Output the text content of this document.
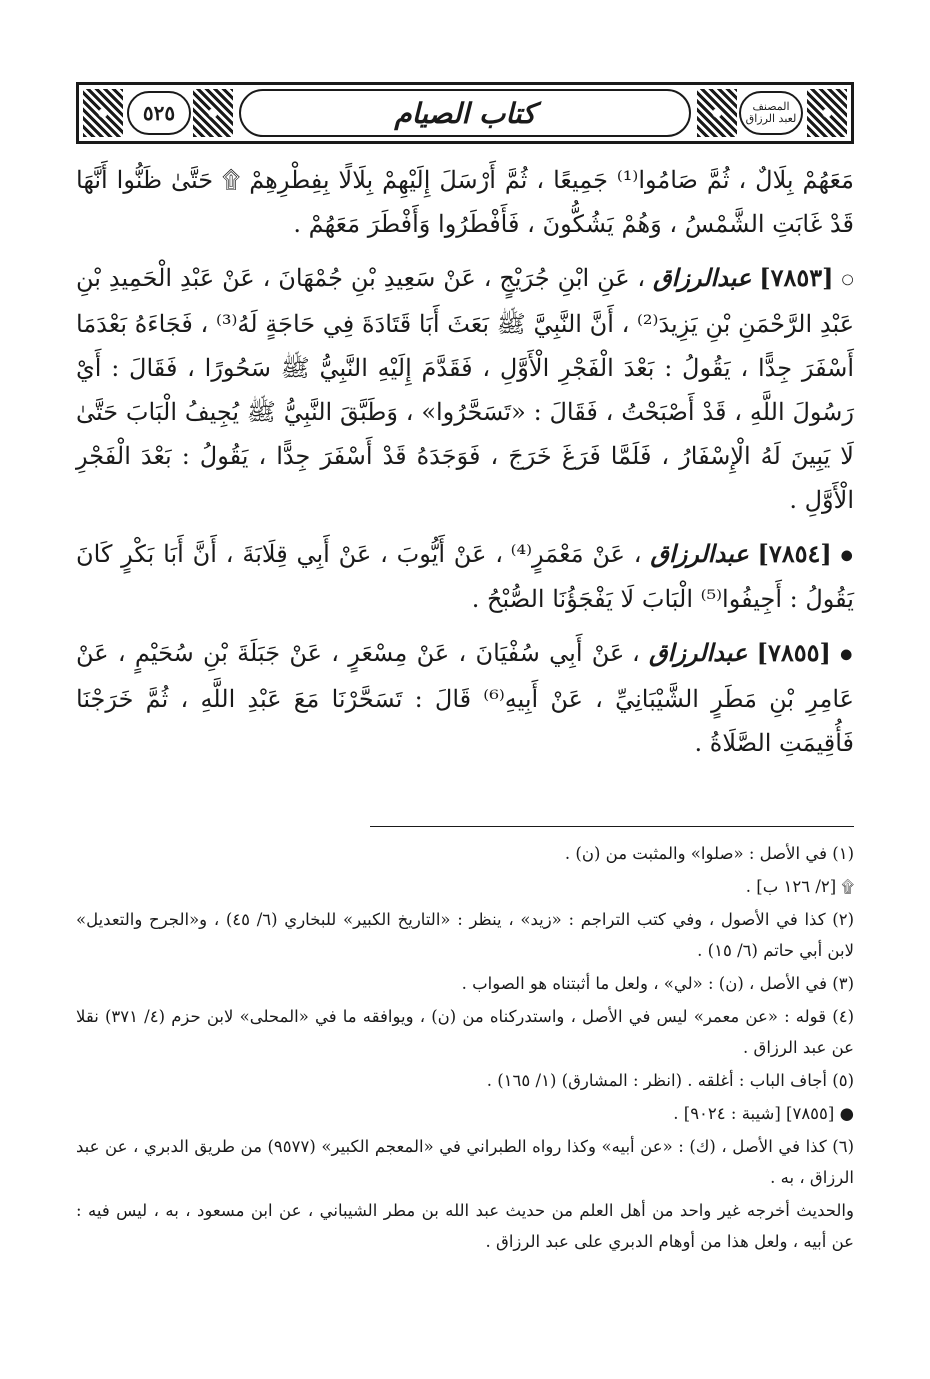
٥٢٥	كتاب الصيام	المصنف
لعبد الرزاق

مَعَهُمْ بِلَالٌ ، ثُمَّ صَامُوا⁽¹⁾ جَمِيعًا ، ثُمَّ أَرْسَلَ إِلَيْهِمْ بِلَالًا بِفِطْرِهِمْ ۩ حَتَّىٰ ظَنُّوا أَنَّهَا قَدْ غَابَتِ الشَّمْسُ ، وَهُمْ يَشُكُّونَ ، فَأَفْطَرُوا وَأَفْطَرَ مَعَهُمْ .

○ [٧٨٥٣] عبدالرزاق ، عَنِ ابْنِ جُرَيْجٍ ، عَنْ سَعِيدِ بْنِ جُمْهَانَ ، عَنْ عَبْدِ الْحَمِيدِ بْنِ عَبْدِ الرَّحْمَنِ بْنِ يَزِيدَ⁽²⁾ ، أَنَّ النَّبِيَّ ﷺ بَعَثَ أَبَا قَتَادَةَ فِي حَاجَةٍ لَهُ⁽³⁾ ، فَجَاءَهُ بَعْدَمَا أَسْفَرَ جِدًّا ، يَقُولُ : بَعْدَ الْفَجْرِ الْأَوَّلِ ، فَقَدَّمَ إِلَيْهِ النَّبِيُّ ﷺ سَحُورًا ، فَقَالَ : أَيْ رَسُولَ اللَّهِ ، قَدْ أَصْبَحْتُ ، فَقَالَ : «تَسَحَّرُوا» ، وَطَبَّقَ النَّبِيُّ ﷺ يُجِيفُ الْبَابَ حَتَّىٰ لَا يَبِينَ لَهُ الْإِسْفَارُ ، فَلَمَّا فَرَغَ خَرَجَ ، فَوَجَدَهُ قَدْ أَسْفَرَ جِدًّا ، يَقُولُ : بَعْدَ الْفَجْرِ الْأَوَّلِ .

● [٧٨٥٤] عبدالرزاق ، عَنْ مَعْمَرٍ⁽⁴⁾ ، عَنْ أَيُّوبَ ، عَنْ أَبِي قِلَابَةَ ، أَنَّ أَبَا بَكْرٍ كَانَ يَقُولُ : أَجِيفُوا⁽⁵⁾ الْبَابَ لَا يَفْجَؤُنَا الصُّبْحُ .

● [٧٨٥٥] عبدالرزاق ، عَنْ أَبِي سُفْيَانَ ، عَنْ مِسْعَرٍ ، عَنْ جَبَلَةَ بْنِ سُحَيْمٍ ، عَنْ عَامِرِ بْنِ مَطَرٍ الشَّيْبَانِيِّ ، عَنْ أَبِيهِ⁽⁶⁾ قَالَ : تَسَحَّرْنَا مَعَ عَبْدِ اللَّهِ ، ثُمَّ خَرَجْنَا فَأُقِيمَتِ الصَّلَاةُ .

(١) في الأصل : «صلوا» والمثبت من (ن) .

۩ [٢/ ١٢٦ ب] .

(٢) كذا في الأصول ، وفي كتب التراجم : «زيد» ، ينظر : «التاريخ الكبير» للبخاري (٦/ ٤٥) ، و«الجرح والتعديل» لابن أبي حاتم (٦/ ١٥) .

(٣) في الأصل ، (ن) : «لي» ، ولعل ما أثبتناه هو الصواب .

(٤) قوله : «عن معمر» ليس في الأصل ، واستدركناه من (ن) ، ويوافقه ما في «المحلى» لابن حزم (٤/ ٣٧١) نقلا عن عبد الرزاق .

(٥) أجاف الباب : أغلقه . (انظر : المشارق) (١/ ١٦٥) .

● [٧٨٥٥] [شيبة : ٩٠٢٤] .

(٦) كذا في الأصل ، (ك) : «عن أبيه» وكذا رواه الطبراني في «المعجم الكبير» (٩٥٧٧) من طريق الدبري ، عن عبد الرزاق ، به .

والحديث أخرجه غير واحد من أهل العلم من حديث عبد الله بن مطر الشيباني ، عن ابن مسعود ، به ، ليس فيه : عن أبيه ، ولعل هذا من أوهام الدبري على عبد الرزاق .
